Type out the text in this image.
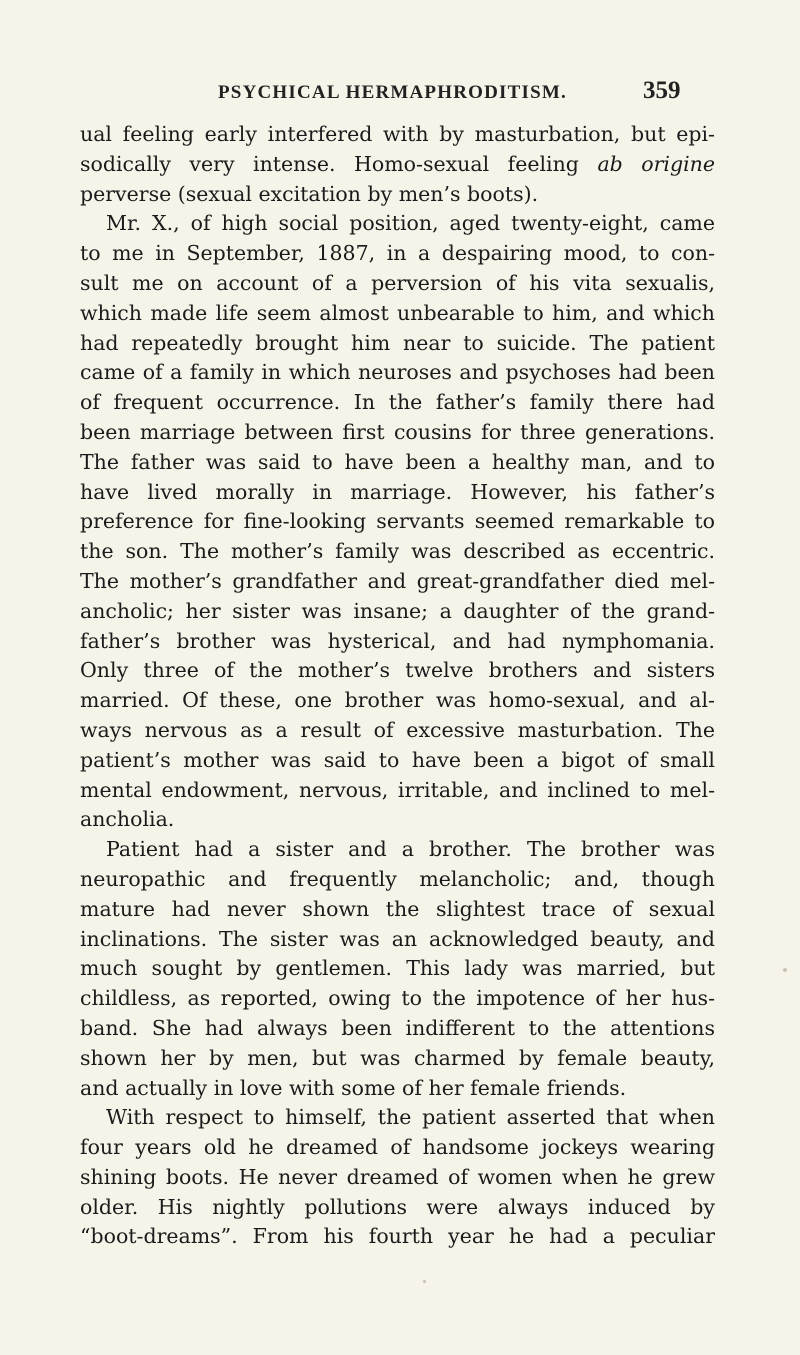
PSYCHICAL HERMAPHRODITISM.	359
ual feeling early interfered with by masturbation, but epi-
sodically very intense. Homo-sexual feeling ab origine
perverse (sexual excitation by men’s boots).
Mr. X., of high social position, aged twenty-eight, came
to me in September, 1887, in a despairing mood, to con-
sult me on account of a perversion of his vita sexualis,
which made life seem almost unbearable to him, and which
had repeatedly brought him near to suicide. The patient
came of a family in which neuroses and psychoses had been
of frequent occurrence. In the father’s family there had
been marriage between first cousins for three generations.
The father was said to have been a healthy man, and to
have lived morally in marriage. However, his father’s
preference for fine-looking servants seemed remarkable to
the son. The mother’s family was described as eccentric.
The mother’s grandfather and great-grandfather died mel-
ancholic; her sister was insane; a daughter of the grand-
father’s brother was hysterical, and had nymphomania.
Only three of the mother’s twelve brothers and sisters
married. Of these, one brother was homo-sexual, and al-
ways nervous as a result of excessive masturbation. The
patient’s mother was said to have been a bigot of small
mental endowment, nervous, irritable, and inclined to mel-
ancholia.
Patient had a sister and a brother. The brother was
neuropathic and frequently melancholic; and, though
mature had never shown the slightest trace of sexual
inclinations. The sister was an acknowledged beauty, and
much sought by gentlemen. This lady was married, but
childless, as reported, owing to the impotence of her hus-
band. She had always been indifferent to the attentions
shown her by men, but was charmed by female beauty,
and actually in love with some of her female friends.
With respect to himself, the patient asserted that when
four years old he dreamed of handsome jockeys wearing
shining boots. He never dreamed of women when he grew
older. His nightly pollutions were always induced by
“boot-dreams”. From his fourth year he had a peculiar
